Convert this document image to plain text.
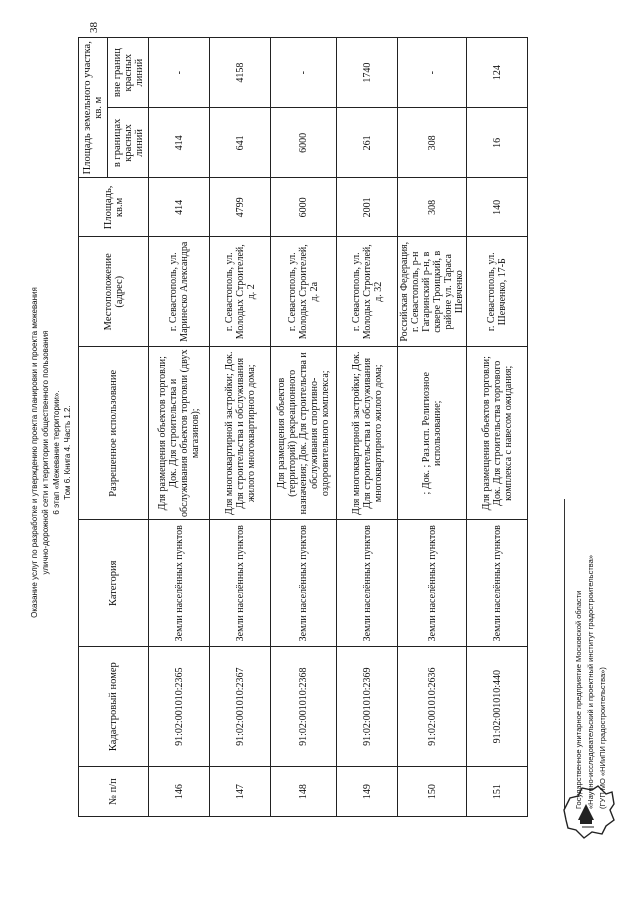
Оказание услуг по разработке и утверждению проекта планировки и проекта межевания улично-дорожной сети и территории общественного пользования 6 этап «Межевание территории». Том 6. Книга 4. Часть 1.2.
38
№ п/п	Кадастровый номер	Категория	Разрешенное использование	Местоположение (адрес)	Площадь, кв.м	Площадь земельного участка, кв. м	
						в границах красных линий	вне границ красных линий
146	91:02:001010:2365	Земли населённых пунктов	Для размещения объектов торговли; Док. Для строительства и обслуживания объектов торговли (двух магазинов);	г. Севастополь, ул. Маринеско Александра	414	414	-
147	91:02:001010:2367	Земли населённых пунктов	Для многоквартирной застройки; Док. Для строительства и обслуживания жилого многоквартирного дома;	г. Севастополь, ул. Молодых Строителей, д. 2	4799	641	4158
148	91:02:001010:2368	Земли населённых пунктов	Для размещения объектов (территорий) рекреационного назначения; Док. Для строительства и обслуживания спортивно-оздоровительного комплекса;	г. Севастополь, ул. Молодых Строителей, д. 2а	6000	6000	-
149	91:02:001010:2369	Земли населённых пунктов	Для многоквартирной застройки; Док. Для строительства и обслуживания многоквартирного жилого дома;	г. Севастополь, ул. Молодых Строителей, д. 32	2001	261	1740
150	91:02:001010:2636	Земли населённых пунктов	; Док. ; Раз.исп. Религиозное использование;	Российская Федерация, г. Севастополь, р-н Гагаринский р-н, в сквере Троицкий, в районе ул. Тараса Шевченко	308	308	-
151	91:02:001010:440	Земли населённых пунктов	Для размещения объектов торговли; Док. Для строительства торгового комплекса с навесом ожидания;	г. Севастополь, ул. Шевченко, 17-Б	140	16	124
Государственное унитарное предприятие Московской области «Научно-исследовательский и проектный институт градостроительства» (ГУП МО «НИиПИ градостроительства»)
